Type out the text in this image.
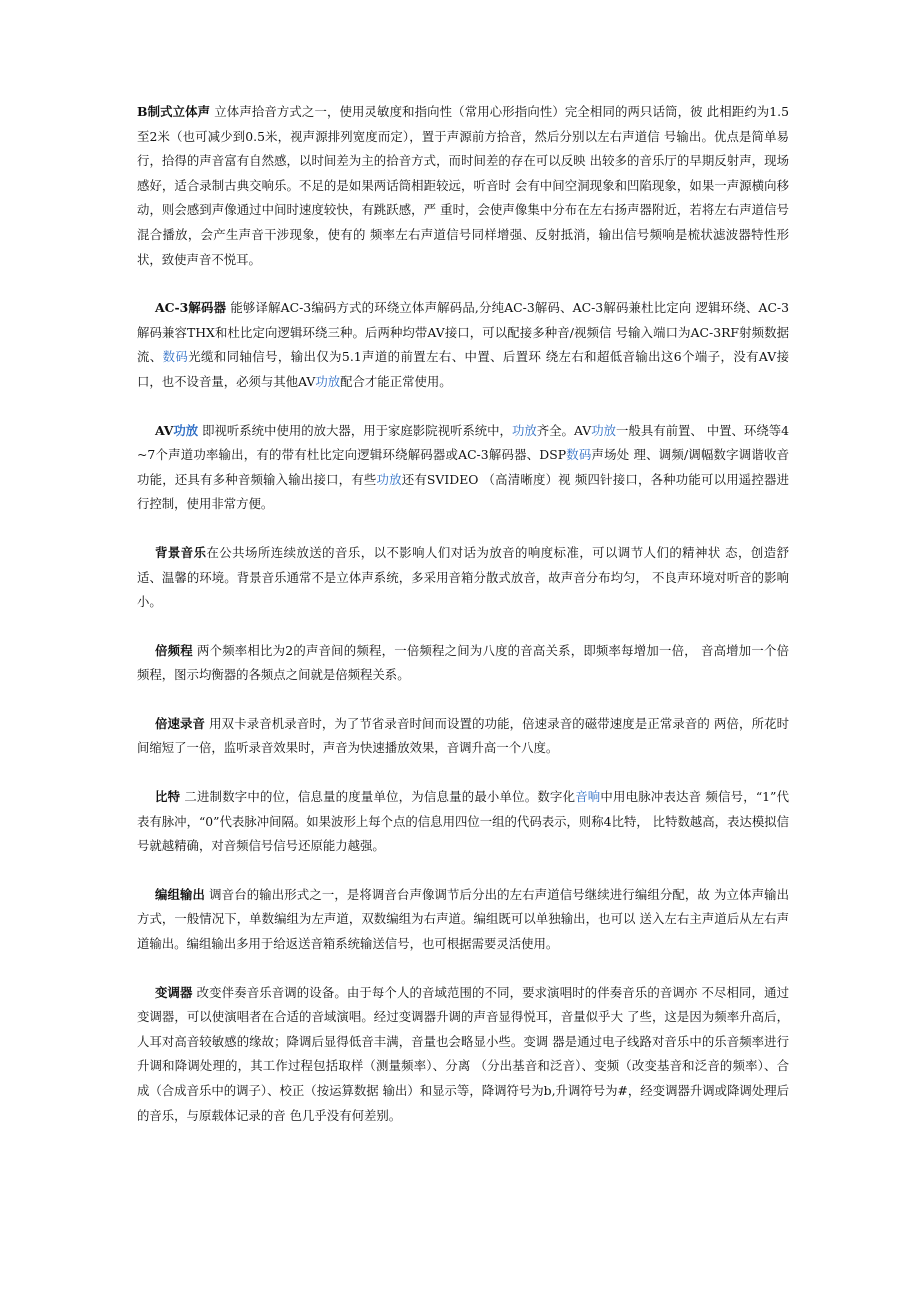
B制式立体声 立体声拾音方式之一，使用灵敏度和指向性（常用心形指向性）完全相同的两只话筒，彼 此相距约为1.5至2米（也可减少到0.5米，视声源排列宽度而定），置于声源前方拾音，然后分别以左右声道信 号输出。优点是简单易行，拾得的声音富有自然感，以时间差为主的拾音方式，而时间差的存在可以反映 出较多的音乐厅的早期反射声，现场感好，适合录制古典交响乐。不足的是如果两话筒相距较远，听音时 会有中间空洞现象和凹陷现象，如果一声源横向移动，则会感到声像通过中间时速度较快，有跳跃感，严 重时，会使声像集中分布在左右扬声器附近，若将左右声道信号混合播放，会产生声音干涉现象，使有的 频率左右声道信号同样增强、反射抵消，输出信号频响是梳状滤波器特性形状，致使声音不悦耳。

AC-3解码器 能够译解AC-3编码方式的环绕立体声解码品,分纯AC-3解码、AC-3解码兼杜比定向 逻辑环绕、AC-3解码兼容THX和杜比定向逻辑环绕三种。后两种均带AV接口，可以配接多种音/视频信 号输入端口为AC-3RF射频数据流、数码光缆和同轴信号，输出仅为5.1声道的前置左右、中置、后置环 绕左右和超低音输出这6个端子，没有AV接口，也不设音量，必须与其他AV功放配合才能正常使用。

AV功放 即视听系统中使用的放大器，用于家庭影院视听系统中，功放齐全。AV功放一般具有前置、 中置、环绕等4~7个声道功率输出，有的带有杜比定向逻辑环绕解码器或AC-3解码器、DSP数码声场处 理、调频/调幅数字调谐收音功能，还具有多种音频输入输出接口，有些功放还有SVIDEO （高清晰度）视 频四针接口，各种功能可以用遥控器进行控制，使用非常方便。

背景音乐在公共场所连续放送的音乐，以不影响人们对话为放音的响度标准，可以调节人们的精神状 态，创造舒适、温馨的环境。背景音乐通常不是立体声系统，多采用音箱分散式放音，故声音分布均匀， 不良声环境对听音的影响小。

倍频程 两个频率相比为2的声音间的频程，一倍频程之间为八度的音高关系，即频率每增加一倍， 音高增加一个倍频程，图示均衡器的各频点之间就是倍频程关系。

倍速录音 用双卡录音机录音时，为了节省录音时间而设置的功能，倍速录音的磁带速度是正常录音的 两倍，所花时间缩短了一倍，监听录音效果时，声音为快速播放效果，音调升高一个八度。

比特 二进制数字中的位，信息量的度量单位，为信息量的最小单位。数字化音响中用电脉冲表达音 频信号，“1”代表有脉冲，“0”代表脉冲间隔。如果波形上每个点的信息用四位一组的代码表示，则称4比特， 比特数越高，表达模拟信号就越精确，对音频信号信号还原能力越强。

编组输出 调音台的输出形式之一，是将调音台声像调节后分出的左右声道信号继续进行编组分配，故 为立体声输出方式，一般情况下，单数编组为左声道，双数编组为右声道。编组既可以单独输出，也可以 送入左右主声道后从左右声道输出。编组输出多用于给返送音箱系统输送信号，也可根据需要灵活使用。

变调器 改变伴奏音乐音调的设备。由于每个人的音域范围的不同，要求演唱时的伴奏音乐的音调亦 不尽相同，通过变调器，可以使演唱者在合适的音域演唱。经过变调器升调的声音显得悦耳，音量似乎大 了些，这是因为频率升高后，人耳对高音较敏感的缘故；降调后显得低音丰满，音量也会略显小些。变调 器是通过电子线路对音乐中的乐音频率进行升调和降调处理的，其工作过程包括取样（测量频率）、分离 （分出基音和泛音）、变频（改变基音和泛音的频率）、合成（合成音乐中的调子）、校正（按运算数据 输出）和显示等，降调符号为b,升调符号为#，经变调器升调或降调处理后的音乐，与原载体记录的音 色几乎没有何差别。
